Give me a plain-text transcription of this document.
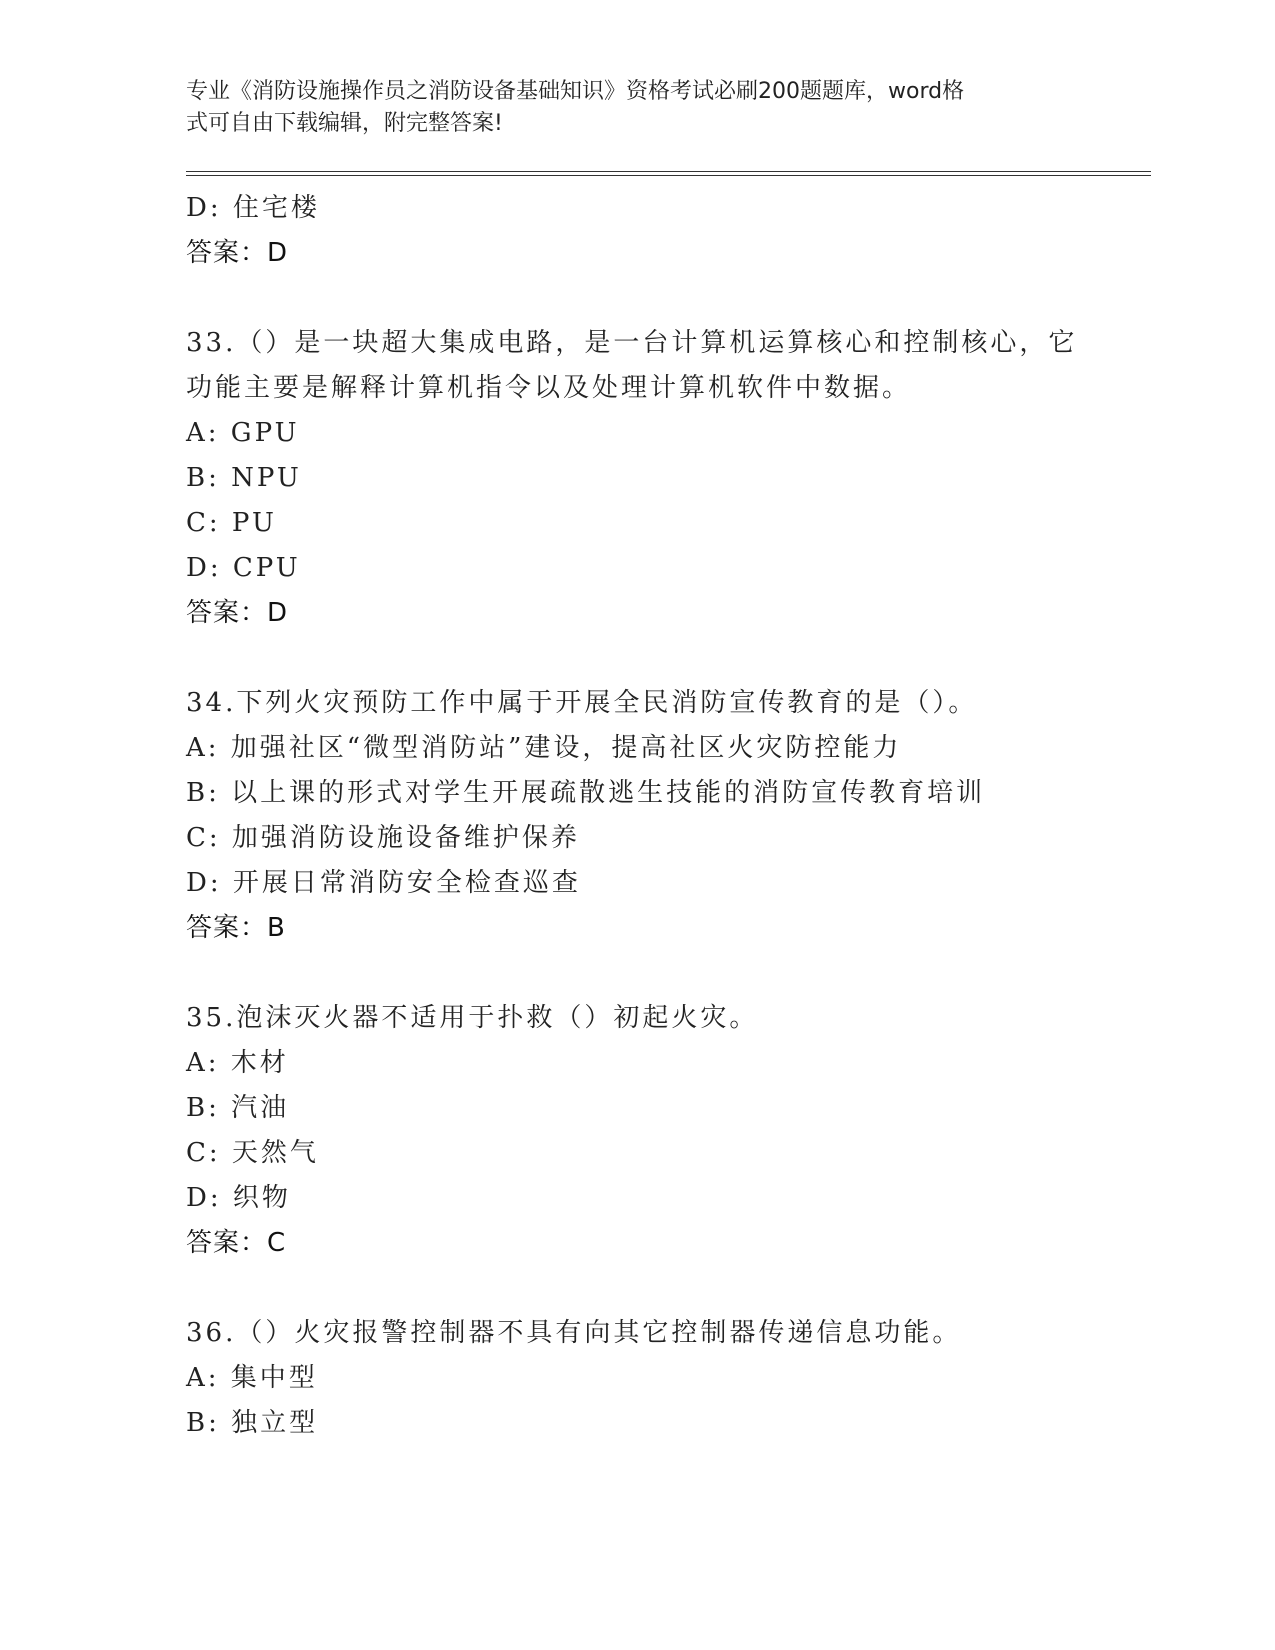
专业《消防设施操作员之消防设备基础知识》资格考试必刷200题题库，word格
式可自由下载编辑，附完整答案!
D: 住宅楼
答案：D
33.（）是一块超大集成电路，是一台计算机运算核心和控制核心，它
功能主要是解释计算机指令以及处理计算机软件中数据。
A: GPU
B: NPU
C: PU
D: CPU
答案：D
34.下列火灾预防工作中属于开展全民消防宣传教育的是（）。
A: 加强社区“微型消防站”建设，提高社区火灾防控能力
B: 以上课的形式对学生开展疏散逃生技能的消防宣传教育培训
C: 加强消防设施设备维护保养
D: 开展日常消防安全检查巡查
答案：B
35.泡沫灭火器不适用于扑救（）初起火灾。
A: 木材
B: 汽油
C: 天然气
D: 织物
答案：C
36.（）火灾报警控制器不具有向其它控制器传递信息功能。
A: 集中型
B: 独立型
